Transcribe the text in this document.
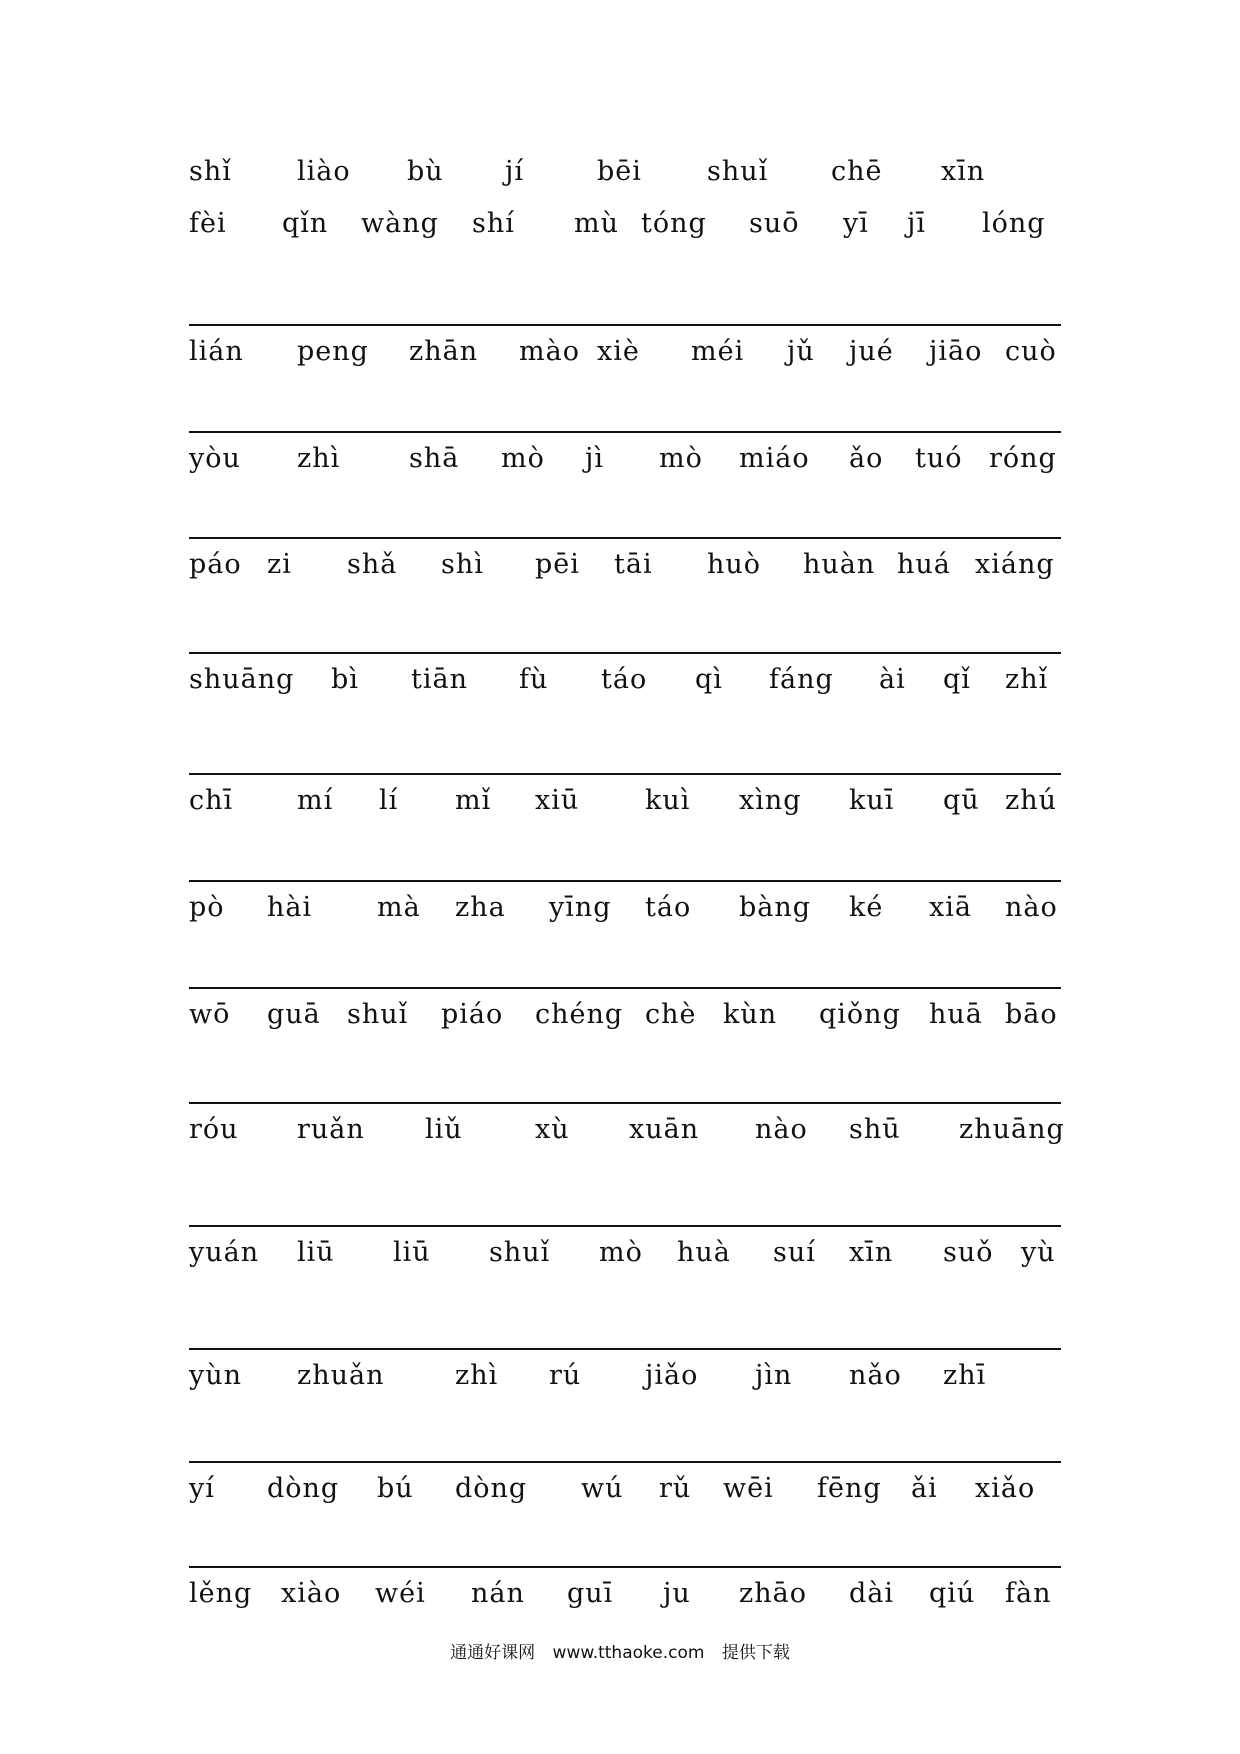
shǐ liào bù jí	bēi shuǐ chē xīn
fèi qǐn wàng shí mù tóng suō yī jī lóng
lián peng zhān mào xiè méi jǔ jué jiāo cuò
yòu zhì	shā mò jì mò miáo ǎo tuó róng
páo zi shǎ shì pēi tāi huò huàn huá xiáng
shuāng bì tiān fù táo qì fáng ài qǐ zhǐ
chī mí lí mǐ xiū kuì xìng kuī qū zhú
pò hài mà zha yīng táo bàng ké xiā nào
wō guā shuǐ piáo chéng chè kùn qiǒng huā bāo
róu ruǎn liǔ	xù xuān nào shū zhuāng
yuán liū liū shuǐ mò huà suí xīn suǒ yù
yùn zhuǎn	zhì rú jiǎo jìn nǎo zhī
yí dòng bú dòng wú rǔ wēi fēng ǎi xiǎo
lěng xiào wéi nán guī ju zhāo dài qiú fàn
通通好课网 www.tthaoke.com 提供下载
